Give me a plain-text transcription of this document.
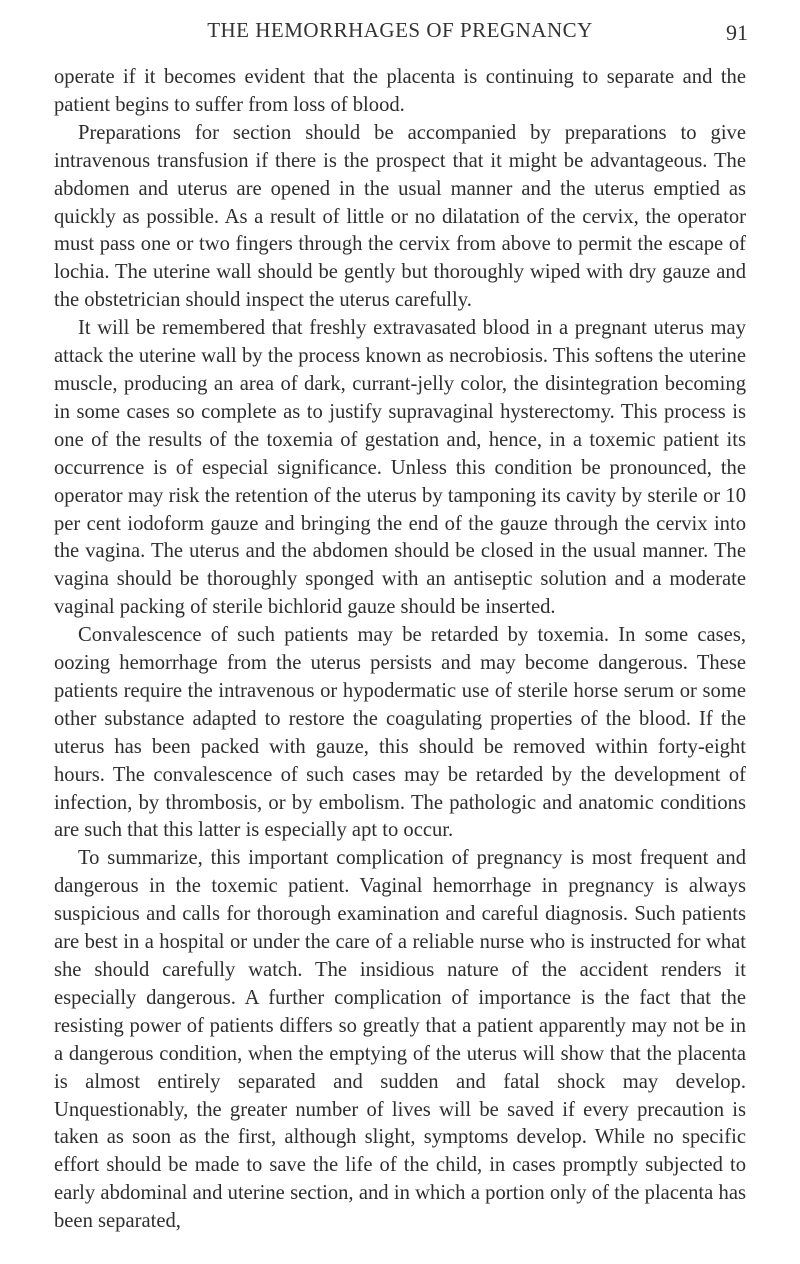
THE HEMORRHAGES OF PREGNANCY	91

operate if it becomes evident that the placenta is continuing to separate and the patient begins to suffer from loss of blood.

Preparations for section should be accompanied by preparations to give intravenous transfusion if there is the prospect that it might be advantageous. The abdomen and uterus are opened in the usual manner and the uterus emptied as quickly as possible. As a result of little or no dilatation of the cervix, the operator must pass one or two fingers through the cervix from above to permit the escape of lochia. The uterine wall should be gently but thoroughly wiped with dry gauze and the obstetrician should inspect the uterus carefully.

It will be remembered that freshly extravasated blood in a pregnant uterus may attack the uterine wall by the process known as necrobiosis. This softens the uterine muscle, producing an area of dark, currant-jelly color, the disintegration becoming in some cases so complete as to justify supravaginal hysterectomy. This process is one of the results of the toxemia of gestation and, hence, in a toxemic patient its occurrence is of especial significance. Unless this condition be pronounced, the operator may risk the retention of the uterus by tamponing its cavity by sterile or 10 per cent iodoform gauze and bringing the end of the gauze through the cervix into the vagina. The uterus and the abdomen should be closed in the usual manner. The vagina should be thoroughly sponged with an antiseptic solution and a moderate vaginal packing of sterile bichlorid gauze should be inserted.

Convalescence of such patients may be retarded by toxemia. In some cases, oozing hemorrhage from the uterus persists and may become dangerous. These patients require the intravenous or hypodermatic use of sterile horse serum or some other substance adapted to restore the coagulating properties of the blood. If the uterus has been packed with gauze, this should be removed within forty-eight hours. The convalescence of such cases may be retarded by the development of infection, by thrombosis, or by embolism. The pathologic and anatomic conditions are such that this latter is especially apt to occur.

To summarize, this important complication of pregnancy is most frequent and dangerous in the toxemic patient. Vaginal hemorrhage in pregnancy is always suspicious and calls for thorough examination and careful diagnosis. Such patients are best in a hospital or under the care of a reliable nurse who is instructed for what she should carefully watch. The insidious nature of the accident renders it especially dangerous. A further complication of importance is the fact that the resisting power of patients differs so greatly that a patient apparently may not be in a dangerous condition, when the emptying of the uterus will show that the placenta is almost entirely separated and sudden and fatal shock may develop. Unquestionably, the greater number of lives will be saved if every precaution is taken as soon as the first, although slight, symptoms develop. While no specific effort should be made to save the life of the child, in cases promptly subjected to early abdominal and uterine section, and in which a portion only of the placenta has been separated,
